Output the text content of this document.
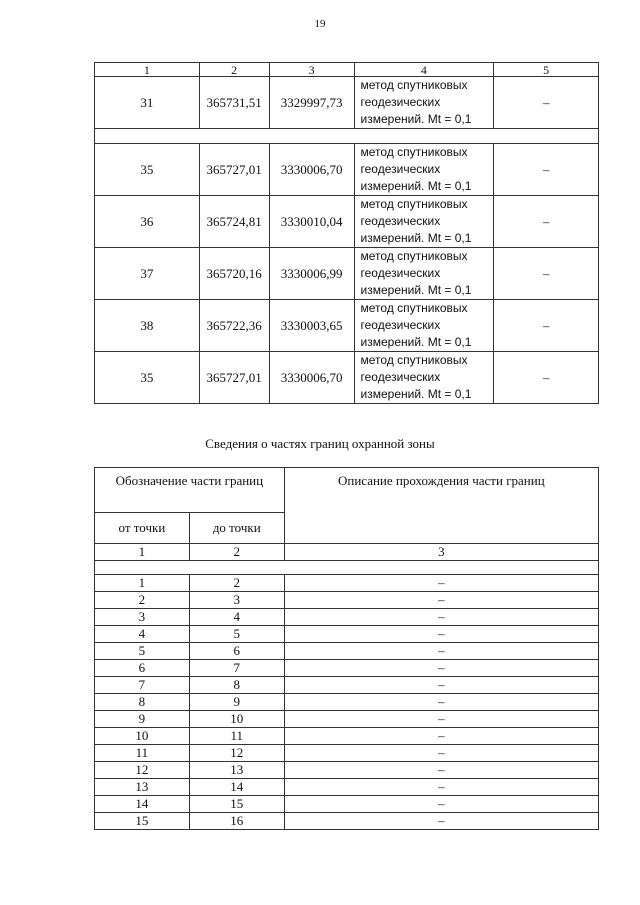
19
1	2	3	4	5
31	365731,51	3329997,73	метод спутниковых
геодезических
измерений. Mt = 0,1	–

35	365727,01	3330006,70	метод спутниковых
геодезических
измерений. Mt = 0,1	–
36	365724,81	3330010,04	метод спутниковых
геодезических
измерений. Mt = 0,1	–
37	365720,16	3330006,99	метод спутниковых
геодезических
измерений. Mt = 0,1	–
38	365722,36	3330003,65	метод спутниковых
геодезических
измерений. Mt = 0,1	–
35	365727,01	3330006,70	метод спутниковых
геодезических
измерений. Mt = 0,1	–
Сведения о частях границ охранной зоны
Обозначение части границ		Описание прохождения части границ
от точки	до точки	
1	2	3

1	2	–
2	3	–
3	4	–
4	5	–
5	6	–
6	7	–
7	8	–
8	9	–
9	10	–
10	11	–
11	12	–
12	13	–
13	14	–
14	15	–
15	16	–
